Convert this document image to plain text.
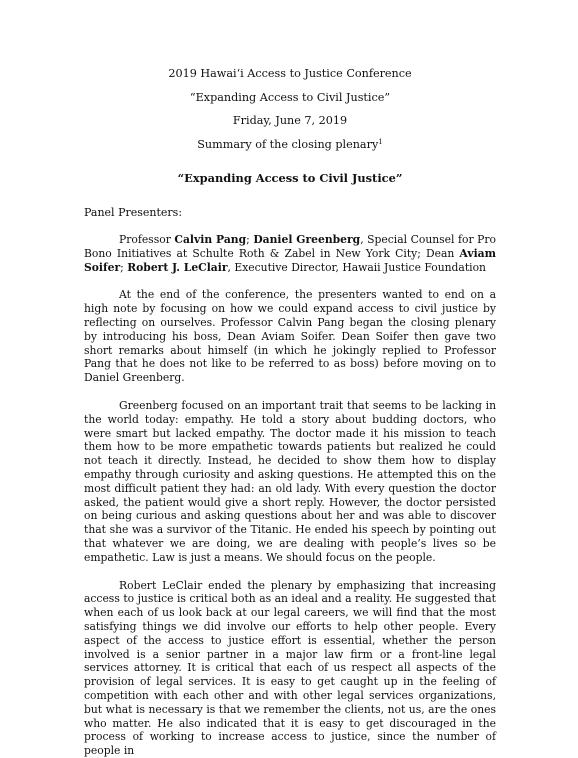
2019 Hawaiʻi Access to Justice Conference
“Expanding Access to Civil Justice”
Friday, June 7, 2019
Summary of the closing plenary$^1$
“Expanding Access to Civil Justice”
Panel Presenters:

Professor Calvin Pang; Daniel Greenberg, Special Counsel for Pro Bono Initiatives at Schulte Roth & Zabel in New York City; Dean Aviam Soifer; Robert J. LeClair, Executive Director, Hawaii Justice Foundation

At the end of the conference, the presenters wanted to end on a high note by focusing on how we could expand access to civil justice by reflecting on ourselves. Professor Calvin Pang began the closing plenary by introducing his boss, Dean Aviam Soifer. Dean Soifer then gave two short remarks about himself (in which he jokingly replied to Professor Pang that he does not like to be referred to as boss) before moving on to Daniel Greenberg.

Greenberg focused on an important trait that seems to be lacking in the world today: empathy. He told a story about budding doctors, who were smart but lacked empathy. The doctor made it his mission to teach them how to be more empathetic towards patients but realized he could not teach it directly. Instead, he decided to show them how to display empathy through curiosity and asking questions. He attempted this on the most difficult patient they had: an old lady. With every question the doctor asked, the patient would give a short reply. However, the doctor persisted on being curious and asking questions about her and was able to discover that she was a survivor of the Titanic. He ended his speech by pointing out that whatever we are doing, we are dealing with people’s lives so be empathetic. Law is just a means. We should focus on the people.

Robert LeClair ended the plenary by emphasizing that increasing access to justice is critical both as an ideal and a reality. He suggested that when each of us look back at our legal careers, we will find that the most satisfying things we did involve our efforts to help other people. Every aspect of the access to justice effort is essential, whether the person involved is a senior partner in a major law firm or a front-line legal services attorney. It is critical that each of us respect all aspects of the provision of legal services. It is easy to get caught up in the feeling of competition with each other and with other legal services organizations, but what is necessary is that we remember the clients, not us, are the ones who matter. He also indicated that it is easy to get discouraged in the process of working to increase access to justice, since the number of people in
